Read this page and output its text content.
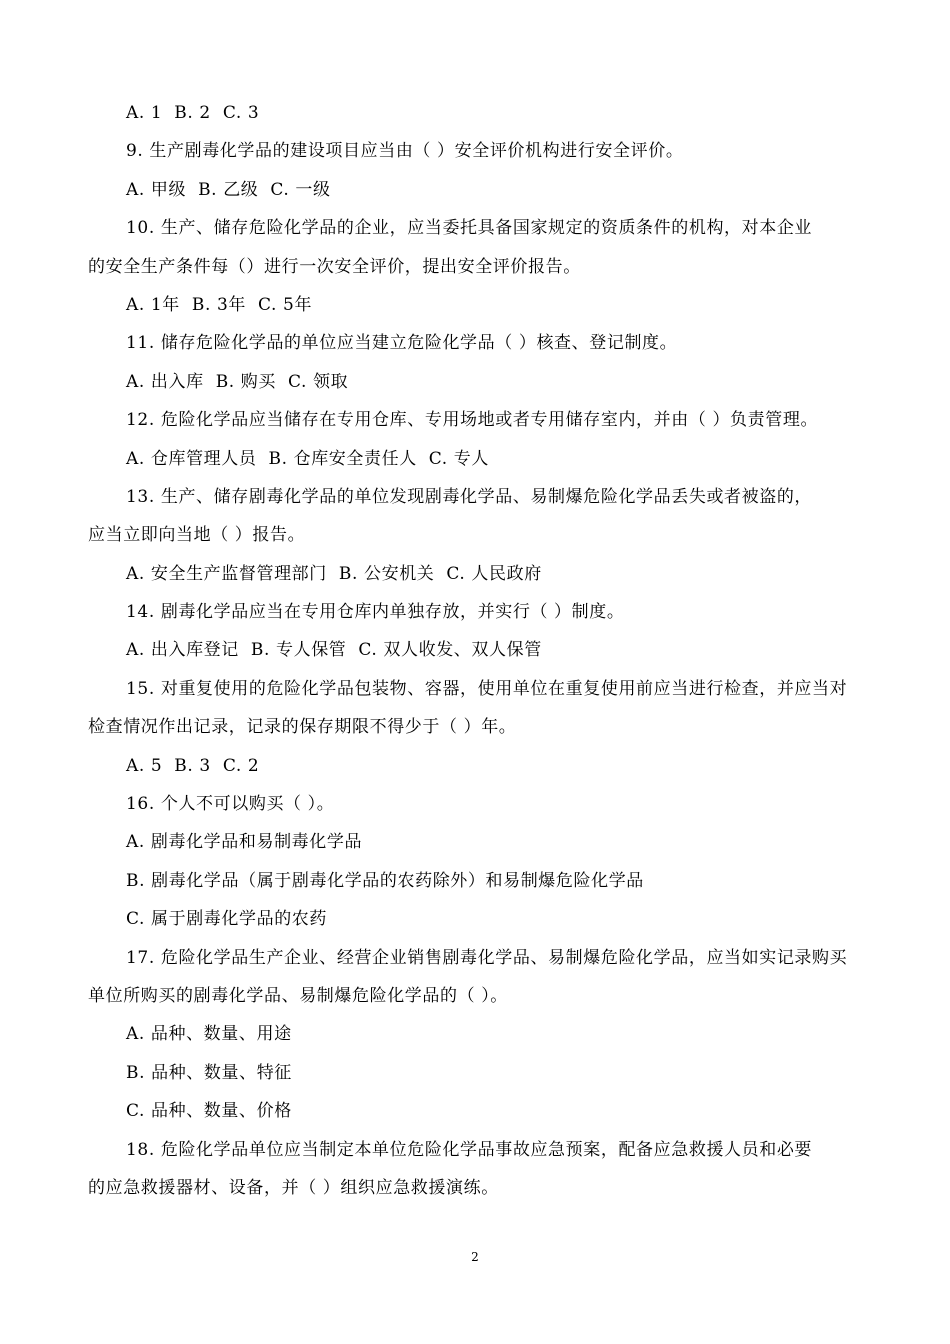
A. 1  B. 2  C. 3
9. 生产剧毒化学品的建设项目应当由（ ）安全评价机构进行安全评价。
A. 甲级  B. 乙级  C. 一级
10. 生产、储存危险化学品的企业，应当委托具备国家规定的资质条件的机构，对本企业
的安全生产条件每（）进行一次安全评价，提出安全评价报告。
A. 1年  B. 3年  C. 5年
11. 储存危险化学品的单位应当建立危险化学品（ ）核查、登记制度。
A. 出入库  B. 购买  C. 领取
12. 危险化学品应当储存在专用仓库、专用场地或者专用储存室内，并由（ ）负责管理。
A. 仓库管理人员  B. 仓库安全责任人  C. 专人
13. 生产、储存剧毒化学品的单位发现剧毒化学品、易制爆危险化学品丢失或者被盗的，
应当立即向当地（ ）报告。
A. 安全生产监督管理部门  B. 公安机关  C. 人民政府
14. 剧毒化学品应当在专用仓库内单独存放，并实行（ ）制度。
A. 出入库登记  B. 专人保管  C. 双人收发、双人保管
15. 对重复使用的危险化学品包装物、容器，使用单位在重复使用前应当进行检查，并应当对
检查情况作出记录，记录的保存期限不得少于（ ）年。
A. 5  B. 3  C. 2
16. 个人不可以购买（ ）。
A. 剧毒化学品和易制毒化学品
B. 剧毒化学品（属于剧毒化学品的农药除外）和易制爆危险化学品
C. 属于剧毒化学品的农药
17. 危险化学品生产企业、经营企业销售剧毒化学品、易制爆危险化学品，应当如实记录购买
单位所购买的剧毒化学品、易制爆危险化学品的（ ）。
A. 品种、数量、用途
B. 品种、数量、特征
C. 品种、数量、价格
18. 危险化学品单位应当制定本单位危险化学品事故应急预案，配备应急救援人员和必要
的应急救援器材、设备，并（ ）组织应急救援演练。
2
